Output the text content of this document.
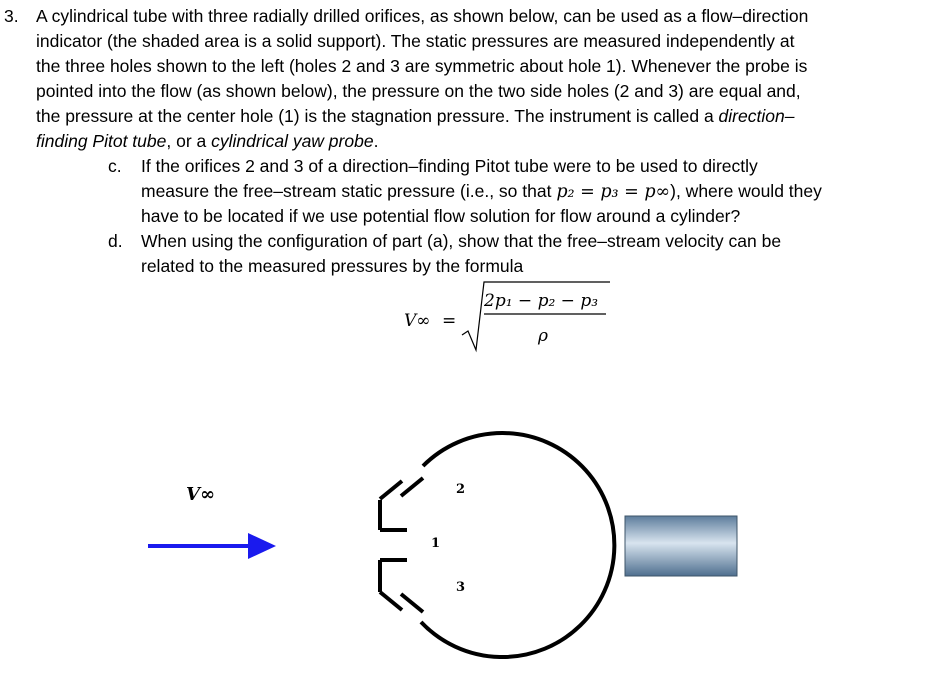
3. A cylindrical tube with three radially drilled orifices, as shown below, can be used as a flow–direction
indicator (the shaded area is a solid support). The static pressures are measured independently at
the three holes shown to the left (holes 2 and 3 are symmetric about hole 1). Whenever the probe is
pointed into the flow (as shown below), the pressure on the two side holes (2 and 3) are equal and,
the pressure at the center hole (1) is the stagnation pressure. The instrument is called a direction–
finding Pitot tube, or a cylindrical yaw probe.
c. If the orifices 2 and 3 of a direction–finding Pitot tube were to be used to directly
measure the free–stream static pressure (i.e., so that p₂ = p₃ = p∞), where would they
have to be located if we use potential flow solution for flow around a cylinder?
d. When using the configuration of part (a), show that the free–stream velocity can be
related to the measured pressures by the formula
V∞ =
2p₁ − p₂ − p₃
ρ
V∞
1
2
3
